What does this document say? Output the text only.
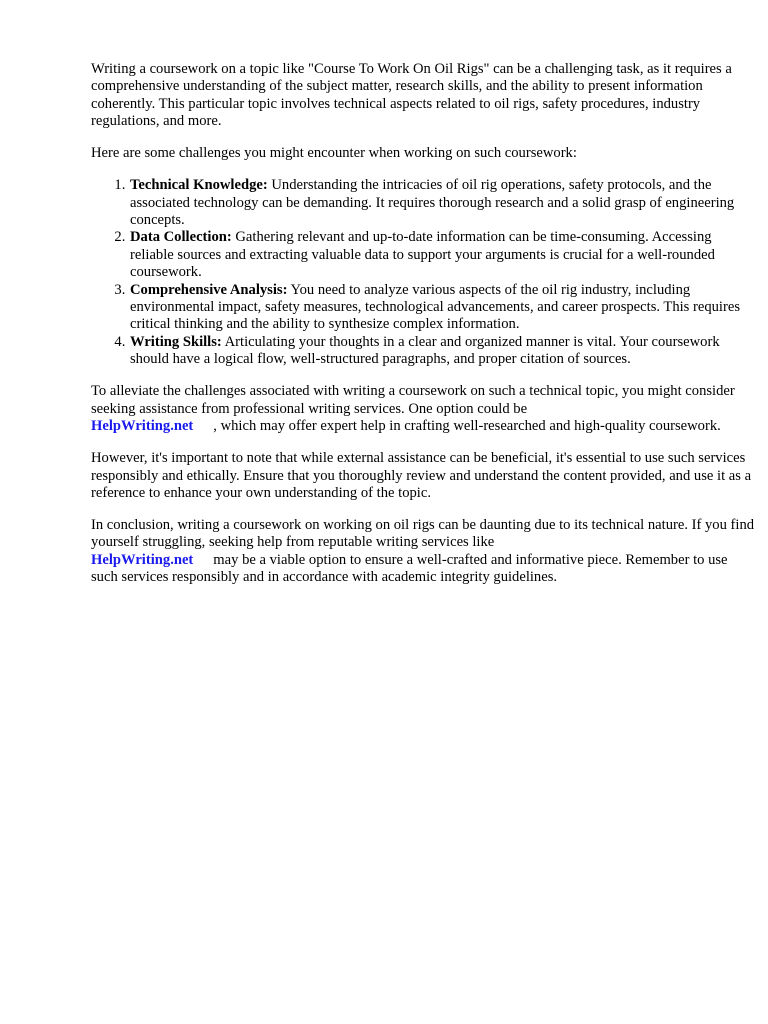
Writing a coursework on a topic like "Course To Work On Oil Rigs" can be a challenging task, as it requires a comprehensive understanding of the subject matter, research skills, and the ability to present information coherently. This particular topic involves technical aspects related to oil rigs, safety procedures, industry regulations, and more.

Here are some challenges you might encounter when working on such coursework:

1. Technical Knowledge: Understanding the intricacies of oil rig operations, safety protocols, and the associated technology can be demanding. It requires thorough research and a solid grasp of engineering concepts.
2. Data Collection: Gathering relevant and up-to-date information can be time-consuming. Accessing reliable sources and extracting valuable data to support your arguments is crucial for a well-rounded coursework.
3. Comprehensive Analysis: You need to analyze various aspects of the oil rig industry, including environmental impact, safety measures, technological advancements, and career prospects. This requires critical thinking and the ability to synthesize complex information.
4. Writing Skills: Articulating your thoughts in a clear and organized manner is vital. Your coursework should have a logical flow, well-structured paragraphs, and proper citation of sources.

To alleviate the challenges associated with writing a coursework on such a technical topic, you might consider seeking assistance from professional writing services. One option could be
HelpWriting.net , which may offer expert help in crafting well-researched and high-quality coursework.

However, it's important to note that while external assistance can be beneficial, it's essential to use such services responsibly and ethically. Ensure that you thoroughly review and understand the content provided, and use it as a reference to enhance your own understanding of the topic.

In conclusion, writing a coursework on working on oil rigs can be daunting due to its technical nature. If you find yourself struggling, seeking help from reputable writing services like
HelpWriting.net may be a viable option to ensure a well-crafted and informative piece. Remember to use such services responsibly and in accordance with academic integrity guidelines.
